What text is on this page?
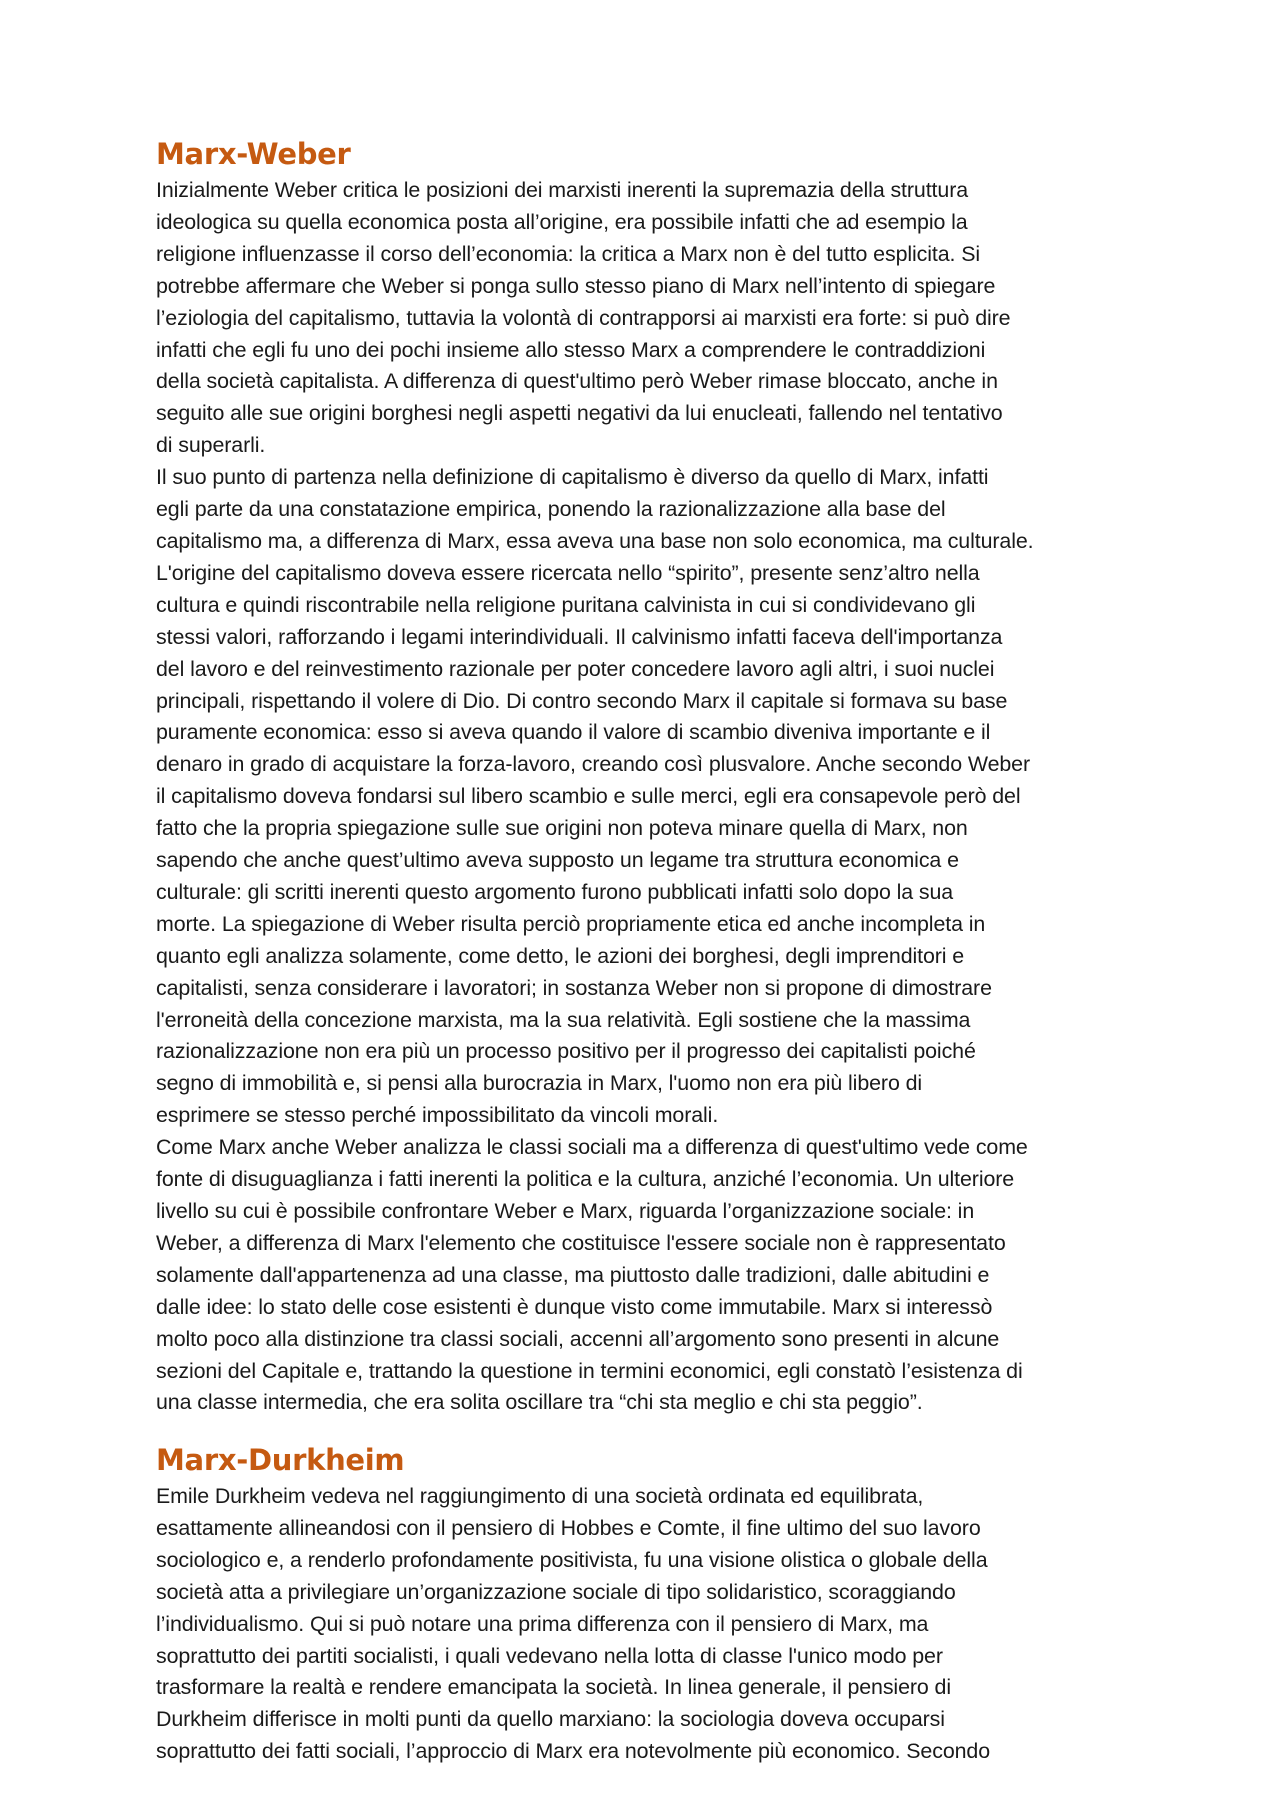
Marx-Weber
Inizialmente Weber critica le posizioni dei marxisti inerenti la supremazia della struttura
ideologica su quella economica posta all’origine, era possibile infatti che ad esempio la
religione influenzasse il corso dell’economia: la critica a Marx non è del tutto esplicita. Si
potrebbe affermare che Weber si ponga sullo stesso piano di Marx nell’intento di spiegare
l’eziologia del capitalismo, tuttavia la volontà di contrapporsi ai marxisti era forte: si può dire
infatti che egli fu uno dei pochi insieme allo stesso Marx a comprendere le contraddizioni
della società capitalista. A differenza di quest'ultimo però Weber rimase bloccato, anche in
seguito alle sue origini borghesi negli aspetti negativi da lui enucleati, fallendo nel tentativo
di superarli.
Il suo punto di partenza nella definizione di capitalismo è diverso da quello di Marx, infatti
egli parte da una constatazione empirica, ponendo la razionalizzazione alla base del
capitalismo ma, a differenza di Marx, essa aveva una base non solo economica, ma culturale.
L'origine del capitalismo doveva essere ricercata nello “spirito”, presente senz’altro nella
cultura e quindi riscontrabile nella religione puritana calvinista in cui si condividevano gli
stessi valori, rafforzando i legami interindividuali. Il calvinismo infatti faceva dell'importanza
del lavoro e del reinvestimento razionale per poter concedere lavoro agli altri, i suoi nuclei
principali, rispettando il volere di Dio. Di contro secondo Marx il capitale si formava su base
puramente economica: esso si aveva quando il valore di scambio diveniva importante e il
denaro in grado di acquistare la forza-lavoro, creando così plusvalore. Anche secondo Weber
il capitalismo doveva fondarsi sul libero scambio e sulle merci, egli era consapevole però del
fatto che la propria spiegazione sulle sue origini non poteva minare quella di Marx, non
sapendo che anche quest’ultimo aveva supposto un legame tra struttura economica e
culturale: gli scritti inerenti questo argomento furono pubblicati infatti solo dopo la sua
morte. La spiegazione di Weber risulta perciò propriamente etica ed anche incompleta in
quanto egli analizza solamente, come detto, le azioni dei borghesi, degli imprenditori e
capitalisti, senza considerare i lavoratori; in sostanza Weber non si propone di dimostrare
l'erroneità della concezione marxista, ma la sua relatività. Egli sostiene che la massima
razionalizzazione non era più un processo positivo per il progresso dei capitalisti poiché
segno di immobilità e, si pensi alla burocrazia in Marx, l'uomo non era più libero di
esprimere se stesso perché impossibilitato da vincoli morali.
Come Marx anche Weber analizza le classi sociali ma a differenza di quest'ultimo vede come
fonte di disuguaglianza i fatti inerenti la politica e la cultura, anziché l’economia. Un ulteriore
livello su cui è possibile confrontare Weber e Marx, riguarda l’organizzazione sociale: in
Weber, a differenza di Marx l'elemento che costituisce l'essere sociale non è rappresentato
solamente dall'appartenenza ad una classe, ma piuttosto dalle tradizioni, dalle abitudini e
dalle idee: lo stato delle cose esistenti è dunque visto come immutabile. Marx si interessò
molto poco alla distinzione tra classi sociali, accenni all’argomento sono presenti in alcune
sezioni del Capitale e, trattando la questione in termini economici, egli constatò l’esistenza di
una classe intermedia, che era solita oscillare tra “chi sta meglio e chi sta peggio”.
Marx-Durkheim
Emile Durkheim vedeva nel raggiungimento di una società ordinata ed equilibrata,
esattamente allineandosi con il pensiero di Hobbes e Comte, il fine ultimo del suo lavoro
sociologico e, a renderlo profondamente positivista, fu una visione olistica o globale della
società atta a privilegiare un’organizzazione sociale di tipo solidaristico, scoraggiando
l’individualismo. Qui si può notare una prima differenza con il pensiero di Marx, ma
soprattutto dei partiti socialisti, i quali vedevano nella lotta di classe l'unico modo per
trasformare la realtà e rendere emancipata la società. In linea generale, il pensiero di
Durkheim differisce in molti punti da quello marxiano: la sociologia doveva occuparsi
soprattutto dei fatti sociali, l’approccio di Marx era notevolmente più economico. Secondo
